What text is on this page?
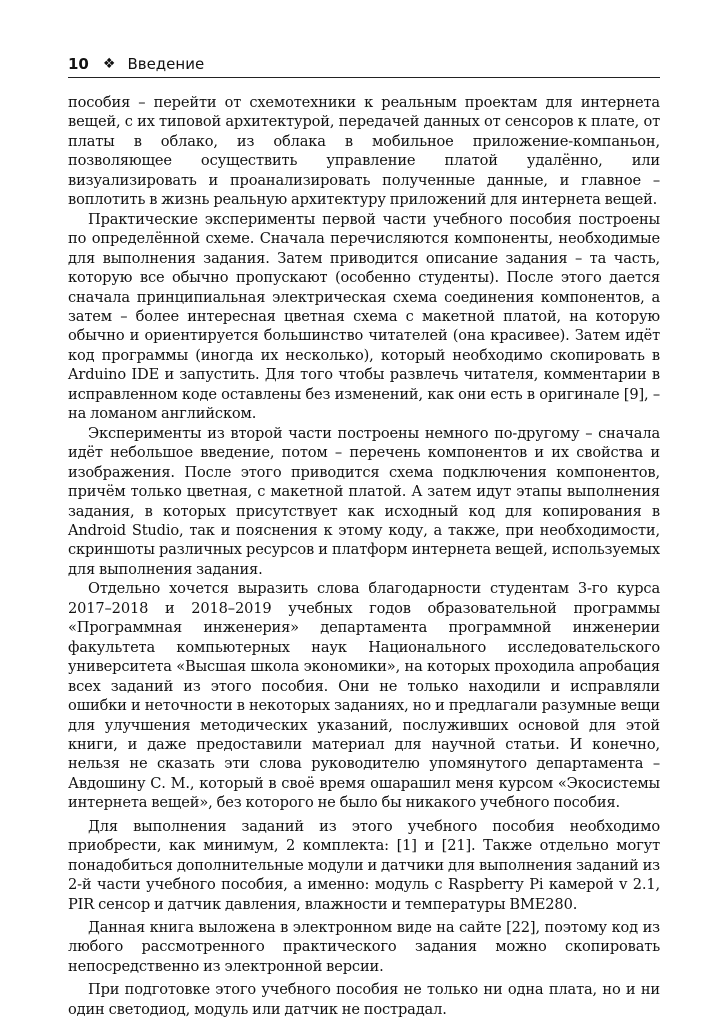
10 ❖ Введение

пособия – перейти от схемотехники к реальным проектам для интернета вещей, с их типовой архитектурой, передачей данных от сенсоров к плате, от платы в облако, из облака в мобильное приложение-компаньон, позволяющее осуществить управление платой удалённо, или визуализировать и проанализировать полученные данные, и главное – воплотить в жизнь реальную архитектуру приложений для интернета вещей.

Практические эксперименты первой части учебного пособия построены по определённой схеме. Сначала перечисляются компоненты, необходимые для выполнения задания. Затем приводится описание задания – та часть, которую все обычно пропускают (особенно студенты). После этого дается сначала принципиальная электрическая схема соединения компонентов, а затем – более интересная цветная схема с макетной платой, на которую обычно и ориентируется большинство читателей (она красивее). Затем идёт код программы (иногда их несколько), который необходимо скопировать в Arduino IDE и запустить. Для того чтобы развлечь читателя, комментарии в исправленном коде оставлены без изменений, как они есть в оригинале [9], – на ломаном английском.

Эксперименты из второй части построены немного по-другому – сначала идёт небольшое введение, потом – перечень компонентов и их свойства и изображения. После этого приводится схема подключения компонентов, причём только цветная, с макетной платой. А затем идут этапы выполнения задания, в которых присутствует как исходный код для копирования в Android Studio, так и пояснения к этому коду, а также, при необходимости, скриншоты различных ресурсов и платформ интернета вещей, используемых для выполнения задания.

Отдельно хочется выразить слова благодарности студентам 3-го курса 2017–2018 и 2018–2019 учебных годов образовательной программы «Программная инженерия» департамента программной инженерии факультета компьютерных наук Национального исследовательского университета «Высшая школа экономики», на которых проходила апробация всех заданий из этого пособия. Они не только находили и исправляли ошибки и неточности в некоторых заданиях, но и предлагали разумные вещи для улучшения методических указаний, послуживших основой для этой книги, и даже предоставили материал для научной статьи. И конечно, нельзя не сказать эти слова руководителю упомянутого департамента – Авдошину С. М., который в своё время ошарашил меня курсом «Экосистемы интернета вещей», без которого не было бы никакого учебного пособия.

Для выполнения заданий из этого учебного пособия необходимо приобрести, как минимум, 2 комплекта: [1] и [21]. Также отдельно могут понадобиться дополнительные модули и датчики для выполнения заданий из 2-й части учебного пособия, а именно: модуль с Raspberry Pi камерой v 2.1, PIR сенсор и датчик давления, влажности и температуры BME280.

Данная книга выложена в электронном виде на сайте [22], поэтому код из любого рассмотренного практического задания можно скопировать непосредственно из электронной версии.

При подготовке этого учебного пособия не только ни одна плата, но и ни один светодиод, модуль или датчик не пострадал.
